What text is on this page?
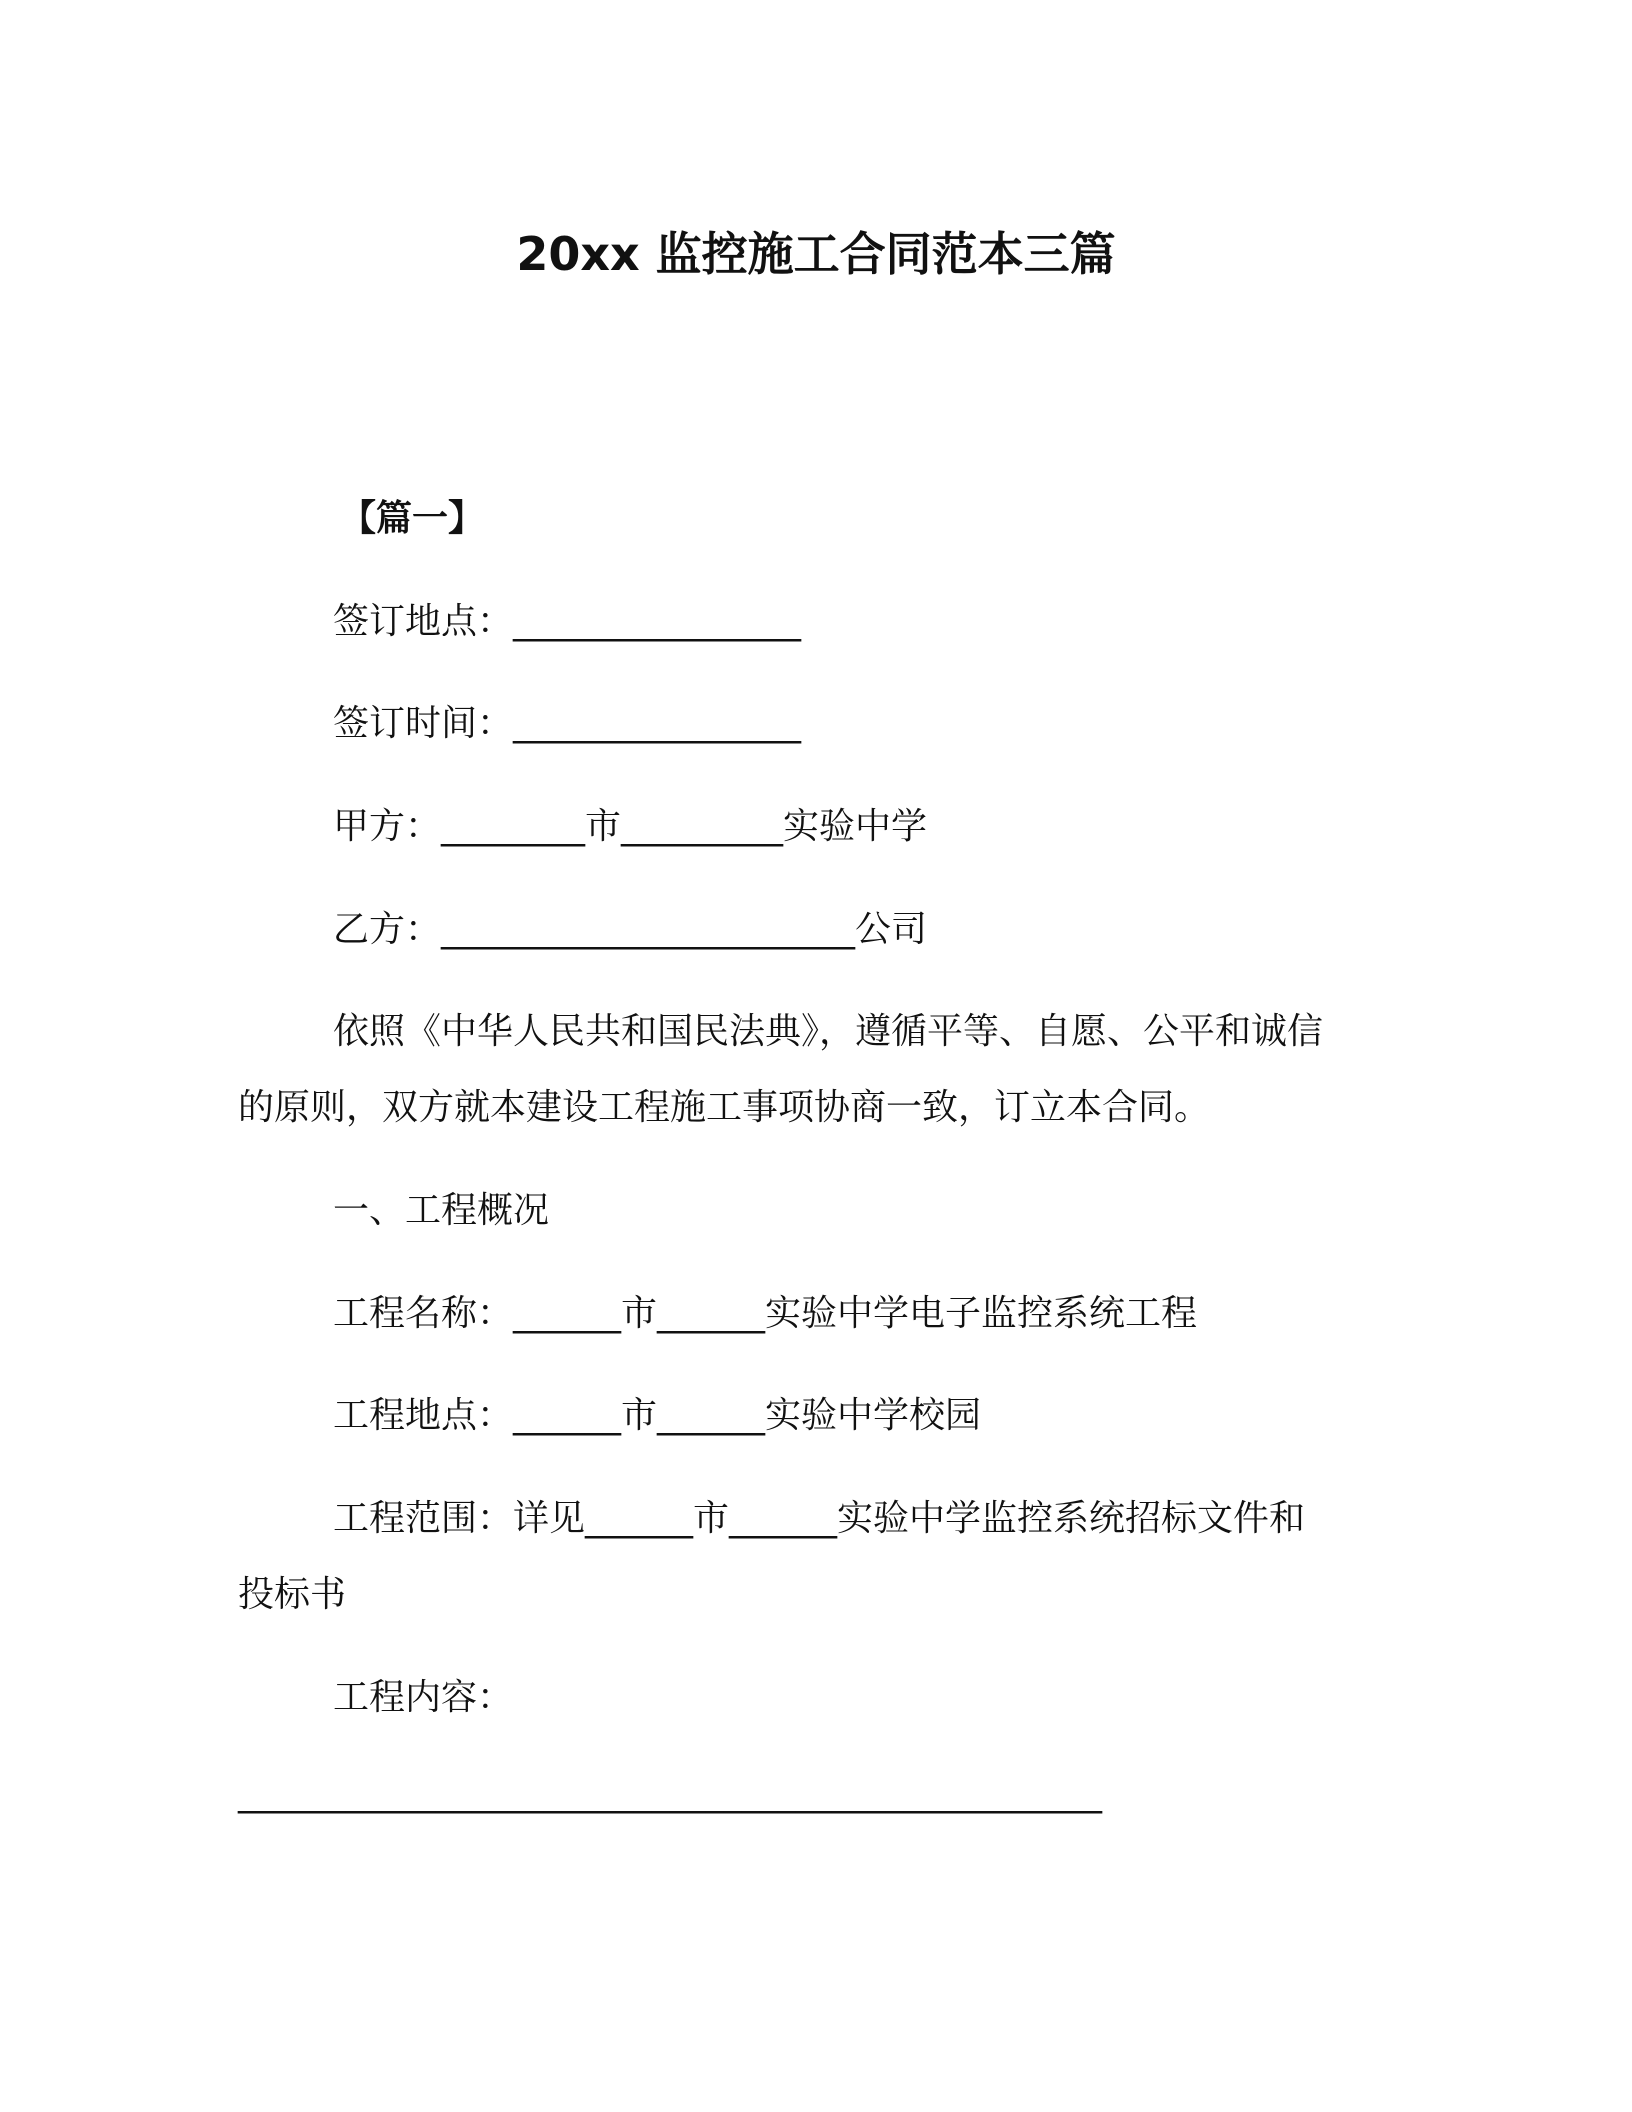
20xx 监控施工合同范本三篇
【篇一】
签订地点：________________
签订时间：________________
甲方：________市_________实验中学
乙方：_______________________公司
依照《中华人民共和国民法典》，遵循平等、自愿、公平和诚信
的原则，双方就本建设工程施工事项协商一致，订立本合同。
一、工程概况
工程名称：______市______实验中学电子监控系统工程
工程地点：______市______实验中学校园
工程范围：详见______市______实验中学监控系统招标文件和
投标书
工程内容：
________________________________________________
